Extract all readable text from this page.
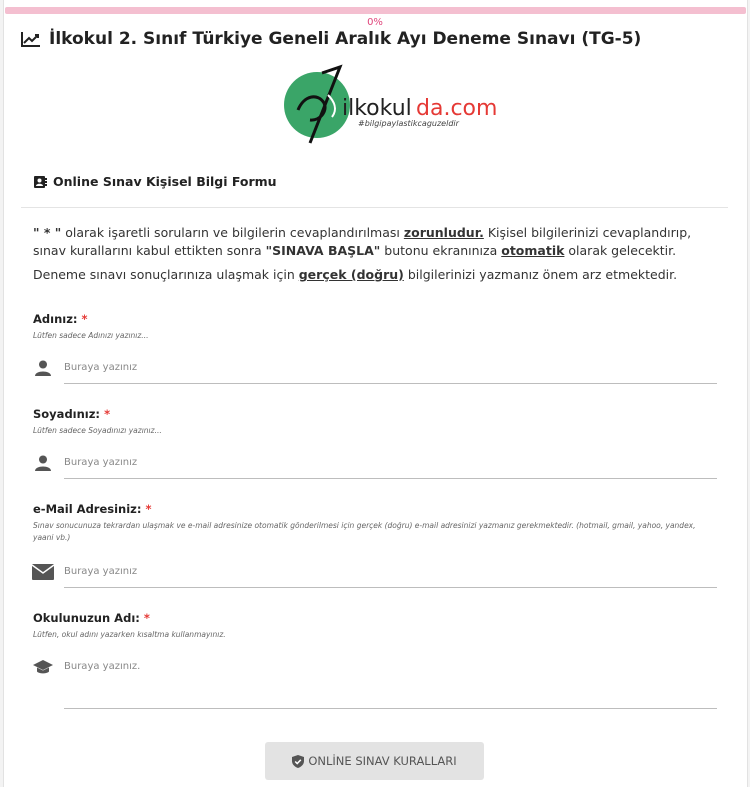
0%
İlkokul 2. Sınıf Türkiye Geneli Aralık Ayı Deneme Sınavı (TG-5)
ilkokul da.com
#bilgipaylastikcaguzeldir
Online Sınav Kişisel Bilgi Formu

" * " olarak işaretli soruların ve bilgilerin cevaplandırılması zorunludur. Kişisel bilgilerinizi cevaplandırıp, sınav kurallarını kabul ettikten sonra "SINAVA BAŞLA" butonu ekranınıza otomatik olarak gelecektir.

Deneme sınavı sonuçlarınıza ulaşmak için gerçek (doğru) bilgilerinizi yazmanız önem arz etmektedir.

Adınız: *
Lütfen sadece Adınızı yazınız...
Buraya yazınız
Soyadınız: *
Lütfen sadece Soyadınızı yazınız...
Buraya yazınız
e-Mail Adresiniz: *
Sınav sonucunuza tekrardan ulaşmak ve e-mail adresinize otomatik gönderilmesi için gerçek (doğru) e-mail adresinizi yazmanız gerekmektedir. (hotmail, gmail, yahoo, yandex, yaani vb.)
Buraya yazınız
Okulunuzun Adı: *
Lütfen, okul adını yazarken kısaltma kullanmayınız.
Buraya yazınız.
ONLİNE SINAV KURALLARI
